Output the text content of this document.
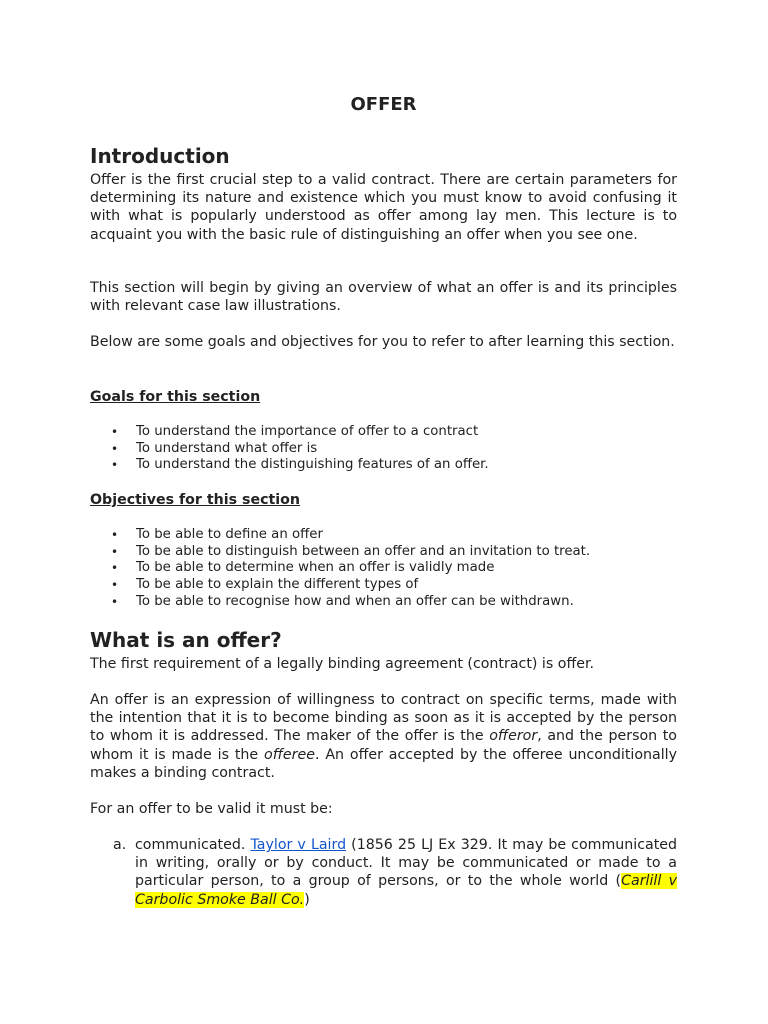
OFFER
Introduction

Offer is the first crucial step to a valid contract. There are certain parameters for determining its nature and existence which you must know to avoid confusing it with what is popularly understood as offer among lay men. This lecture is to acquaint you with the basic rule of distinguishing an offer when you see one.

This section will begin by giving an overview of what an offer is and its principles with relevant case law illustrations.

Below are some goals and objectives for you to refer to after learning this section.

Goals for this section
• To understand the importance of offer to a contract
• To understand what offer is
• To understand the distinguishing features of an offer.
Objectives for this section
• To be able to define an offer
• To be able to distinguish between an offer and an invitation to treat.
• To be able to determine when an offer is validly made
• To be able to explain the different types of
• To be able to recognise how and when an offer can be withdrawn.
What is an offer?

The first requirement of a legally binding agreement (contract) is offer.

An offer is an expression of willingness to contract on specific terms, made with the intention that it is to become binding as soon as it is accepted by the person to whom it is addressed. The maker of the offer is the offeror, and the person to whom it is made is the offeree. An offer accepted by the offeree unconditionally makes a binding contract.

For an offer to be valid it must be:

a. communicated. Taylor v Laird (1856 25 LJ Ex 329. It may be communicated in writing, orally or by conduct. It may be communicated or made to a particular person, to a group of persons, or to the whole world (Carlill v Carbolic Smoke Ball Co.)
